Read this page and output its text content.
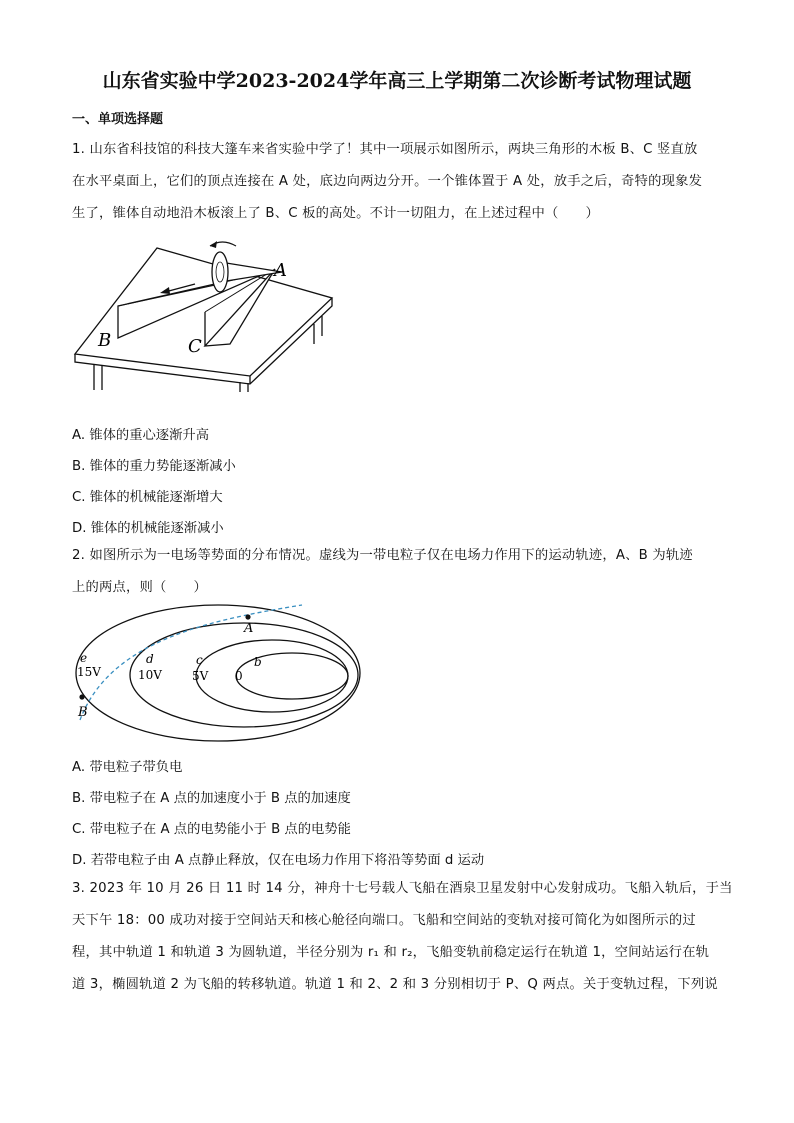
山东省实验中学2023-2024学年高三上学期第二次诊断考试物理试题
一、单项选择题
1. 山东省科技馆的科技大篷车来省实验中学了！其中一项展示如图所示，两块三角形的木板 B、C 竖直放
在水平桌面上，它们的顶点连接在 A 处，底边向两边分开。一个锥体置于 A 处，放手之后，奇特的现象发
生了，锥体自动地沿木板滚上了 B、C 板的高处。不计一切阻力，在上述过程中（　　）
A
B	C
A. 锥体的重心逐渐升高
B. 锥体的重力势能逐渐减小
C. 锥体的机械能逐渐增大
D. 锥体的机械能逐渐减小
2. 如图所示为一电场等势面的分布情况。虚线为一带电粒子仅在电场力作用下的运动轨迹，A、B 为轨迹
上的两点，则（　　）
A
B
e
15V
d
10V
c
5V
b
0
A. 带电粒子带负电
B. 带电粒子在 A 点的加速度小于 B 点的加速度
C. 带电粒子在 A 点的电势能小于 B 点的电势能
D. 若带电粒子由 A 点静止释放，仅在电场力作用下将沿等势面 d 运动
3. 2023 年 10 月 26 日 11 时 14 分，神舟十七号载人飞船在酒泉卫星发射中心发射成功。飞船入轨后，于当
天下午 18：00 成功对接于空间站天和核心舱径向端口。飞船和空间站的变轨对接可简化为如图所示的过
程，其中轨道 1 和轨道 3 为圆轨道，半径分别为 r₁ 和 r₂，飞船变轨前稳定运行在轨道 1，空间站运行在轨
道 3，椭圆轨道 2 为飞船的转移轨道。轨道 1 和 2、2 和 3 分别相切于 P、Q 两点。关于变轨过程，下列说
